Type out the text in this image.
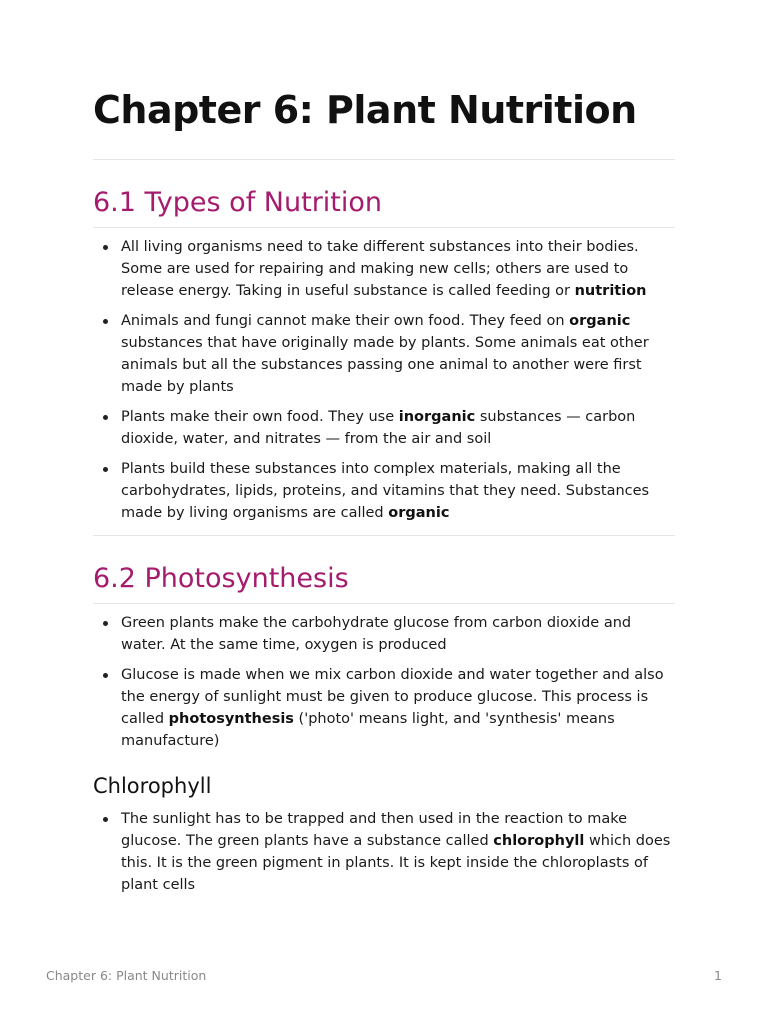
Chapter 6: Plant Nutrition
6.1 Types of Nutrition
All living organisms need to take different substances into their bodies.
Some are used for repairing and making new cells; others are used to
release energy. Taking in useful substance is called feeding or nutrition
Animals and fungi cannot make their own food. They feed on organic
substances that have originally made by plants. Some animals eat other
animals but all the substances passing one animal to another were first
made by plants
Plants make their own food. They use inorganic substances — carbon
dioxide, water, and nitrates — from the air and soil
Plants build these substances into complex materials, making all the
carbohydrates, lipids, proteins, and vitamins that they need. Substances
made by living organisms are called organic
6.2 Photosynthesis
Green plants make the carbohydrate glucose from carbon dioxide and
water. At the same time, oxygen is produced
Glucose is made when we mix carbon dioxide and water together and also
the energy of sunlight must be given to produce glucose. This process is
called photosynthesis ('photo' means light, and 'synthesis' means
manufacture)
Chlorophyll
The sunlight has to be trapped and then used in the reaction to make
glucose. The green plants have a substance called chlorophyll which does
this. It is the green pigment in plants. It is kept inside the chloroplasts of
plant cells
Chapter 6: Plant Nutrition	1
